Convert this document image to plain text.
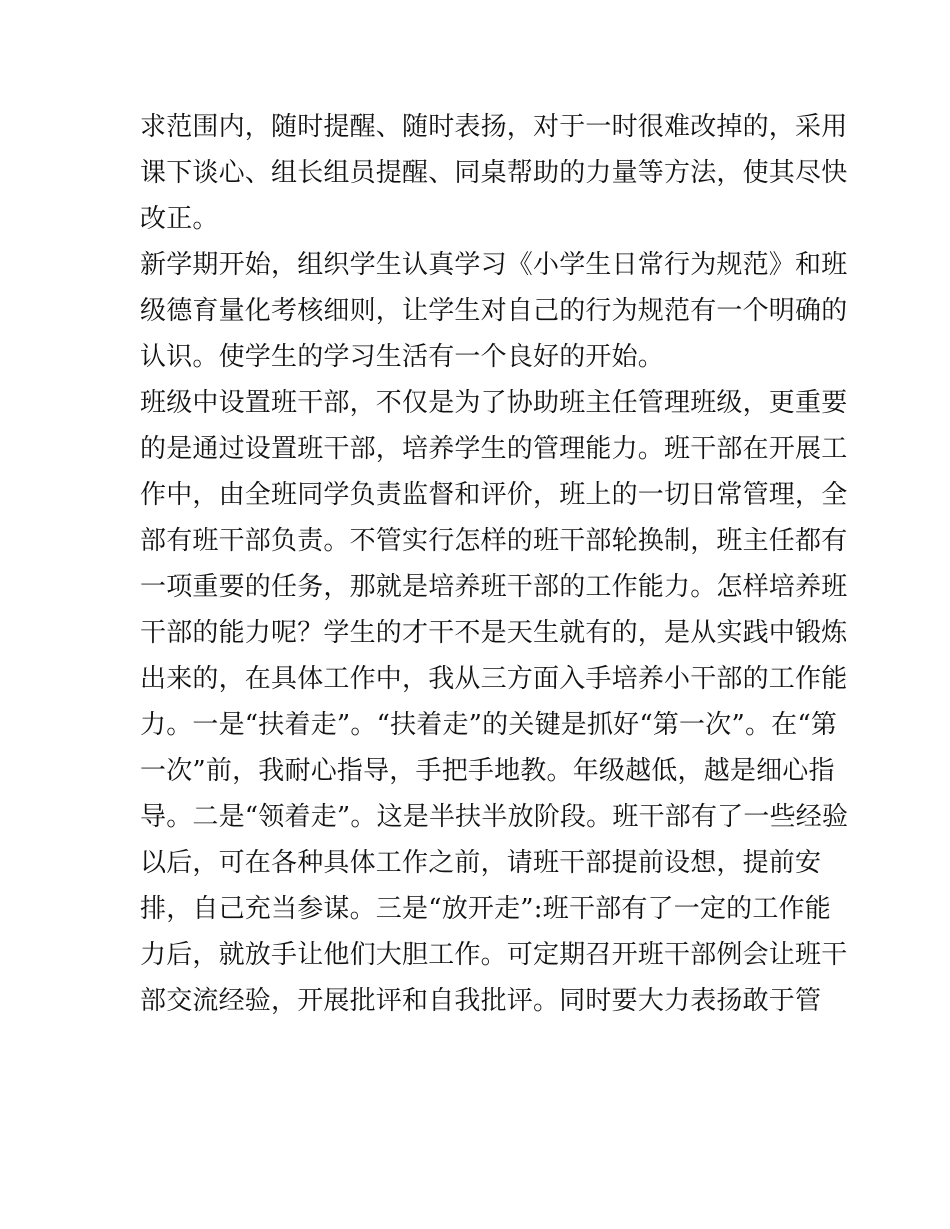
求范围内，随时提醒、随时表扬，对于一时很难改掉的，采用
课下谈心、组长组员提醒、同桌帮助的力量等方法，使其尽快
改正。
新学期开始，组织学生认真学习《小学生日常行为规范》和班
级德育量化考核细则，让学生对自己的行为规范有一个明确的
认识。使学生的学习生活有一个良好的开始。
班级中设置班干部，不仅是为了协助班主任管理班级，更重要
的是通过设置班干部，培养学生的管理能力。班干部在开展工
作中，由全班同学负责监督和评价，班上的一切日常管理，全
部有班干部负责。不管实行怎样的班干部轮换制，班主任都有
一项重要的任务，那就是培养班干部的工作能力。怎样培养班
干部的能力呢？学生的才干不是天生就有的，是从实践中锻炼
出来的，在具体工作中，我从三方面入手培养小干部的工作能
力。一是“扶着走”。“扶着走”的关键是抓好“第一次”。在“第
一次”前，我耐心指导，手把手地教。年级越低，越是细心指
导。二是“领着走”。这是半扶半放阶段。班干部有了一些经验
以后，可在各种具体工作之前，请班干部提前设想，提前安
排，自己充当参谋。三是“放开走”:班干部有了一定的工作能
力后，就放手让他们大胆工作。可定期召开班干部例会让班干
部交流经验，开展批评和自我批评。同时要大力表扬敢于管
